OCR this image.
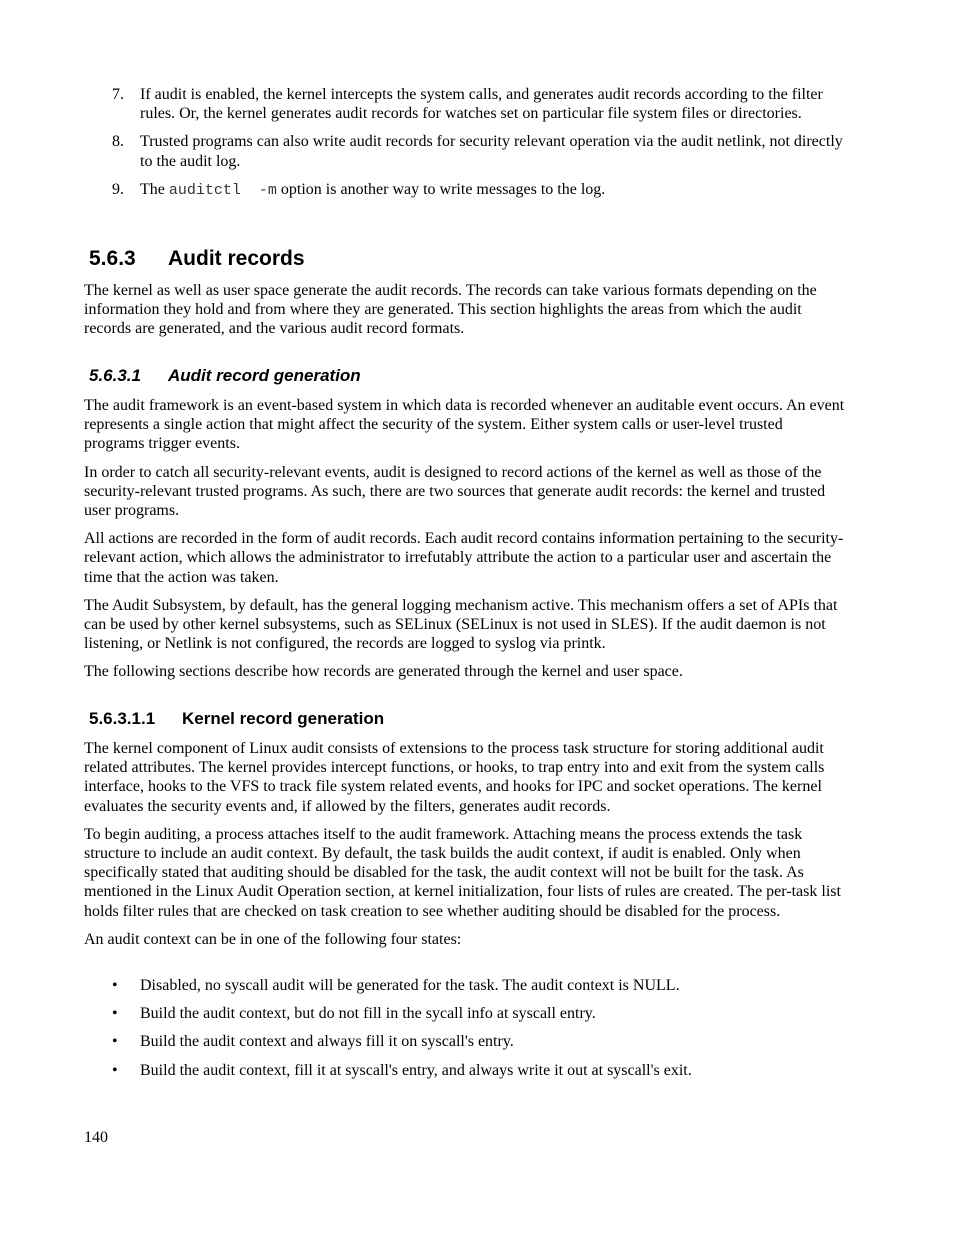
7. If audit is enabled, the kernel intercepts the system calls, and generates audit records according to the filter rules. Or, the kernel generates audit records for watches set on particular file system files or directories.
8. Trusted programs can also write audit records for security relevant operation via the audit netlink, not directly to the audit log.
9. The auditctl  -m option is another way to write messages to the log.
5.6.3 Audit records

The kernel as well as user space generate the audit records. The records can take various formats depending on the information they hold and from where they are generated. This section highlights the areas from which the audit records are generated, and the various audit record formats.

5.6.3.1 Audit record generation

The audit framework is an event-based system in which data is recorded whenever an auditable event occurs. An event represents a single action that might affect the security of the system. Either system calls or user-level trusted programs trigger events.

In order to catch all security-relevant events, audit is designed to record actions of the kernel as well as those of the security-relevant trusted programs. As such, there are two sources that generate audit records: the kernel and trusted user programs.

All actions are recorded in the form of audit records. Each audit record contains information pertaining to the security-relevant action, which allows the administrator to irrefutably attribute the action to a particular user and ascertain the time that the action was taken.

The Audit Subsystem, by default, has the general logging mechanism active. This mechanism offers a set of APIs that can be used by other kernel subsystems, such as SELinux (SELinux is not used in SLES). If the audit daemon is not listening, or Netlink is not configured, the records are logged to syslog via printk.

The following sections describe how records are generated through the kernel and user space.

5.6.3.1.1 Kernel record generation

The kernel component of Linux audit consists of extensions to the process task structure for storing additional audit related attributes. The kernel provides intercept functions, or hooks, to trap entry into and exit from the system calls interface, hooks to the VFS to track file system related events, and hooks for IPC and socket operations. The kernel evaluates the security events and, if allowed by the filters, generates audit records.

To begin auditing, a process attaches itself to the audit framework. Attaching means the process extends the task structure to include an audit context. By default, the task builds the audit context, if audit is enabled. Only when specifically stated that auditing should be disabled for the task, the audit context will not be built for the task. As mentioned in the Linux Audit Operation section, at kernel initialization, four lists of rules are created. The per-task list holds filter rules that are checked on task creation to see whether auditing should be disabled for the process.

An audit context can be in one of the following four states:

• Disabled, no syscall audit will be generated for the task. The audit context is NULL.
• Build the audit context, but do not fill in the sycall info at syscall entry.
• Build the audit context and always fill it on syscall's entry.
• Build the audit context, fill it at syscall's entry, and always write it out at syscall's exit.
140
